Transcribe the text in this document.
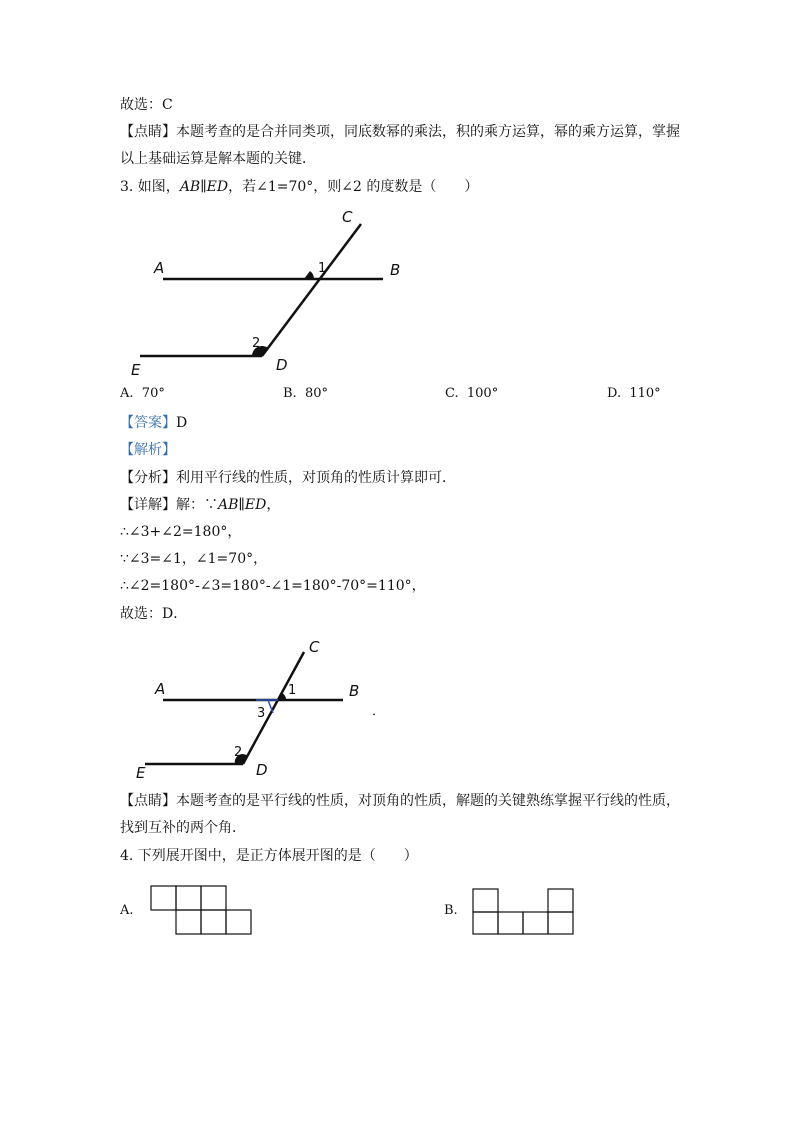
故选：C
【点睛】本题考查的是合并同类项，同底数幂的乘法，积的乘方运算，幂的乘方运算，掌握
以上基础运算是解本题的关键．
3. 如图，AB∥ED，若∠1=70°，则∠2 的度数是（　　）
A	B
C
D
E
1
2
A	B
C
D
E
1
2
3	．
A. 70°	B. 80°	C. 100°	D. 110°
【答案】D
【解析】
【分析】利用平行线的性质，对顶角的性质计算即可．
【详解】解：∵AB∥ED，
∴∠3+∠2=180°，
∵∠3=∠1，∠1=70°，
∴∠2=180°-∠3=180°-∠1=180°-70°=110°，
故选：D．
【点睛】本题考查的是平行线的性质，对顶角的性质，解题的关键熟练掌握平行线的性质，
找到互补的两个角．
4. 下列展开图中，是正方体展开图的是（　　）
A.	B.
